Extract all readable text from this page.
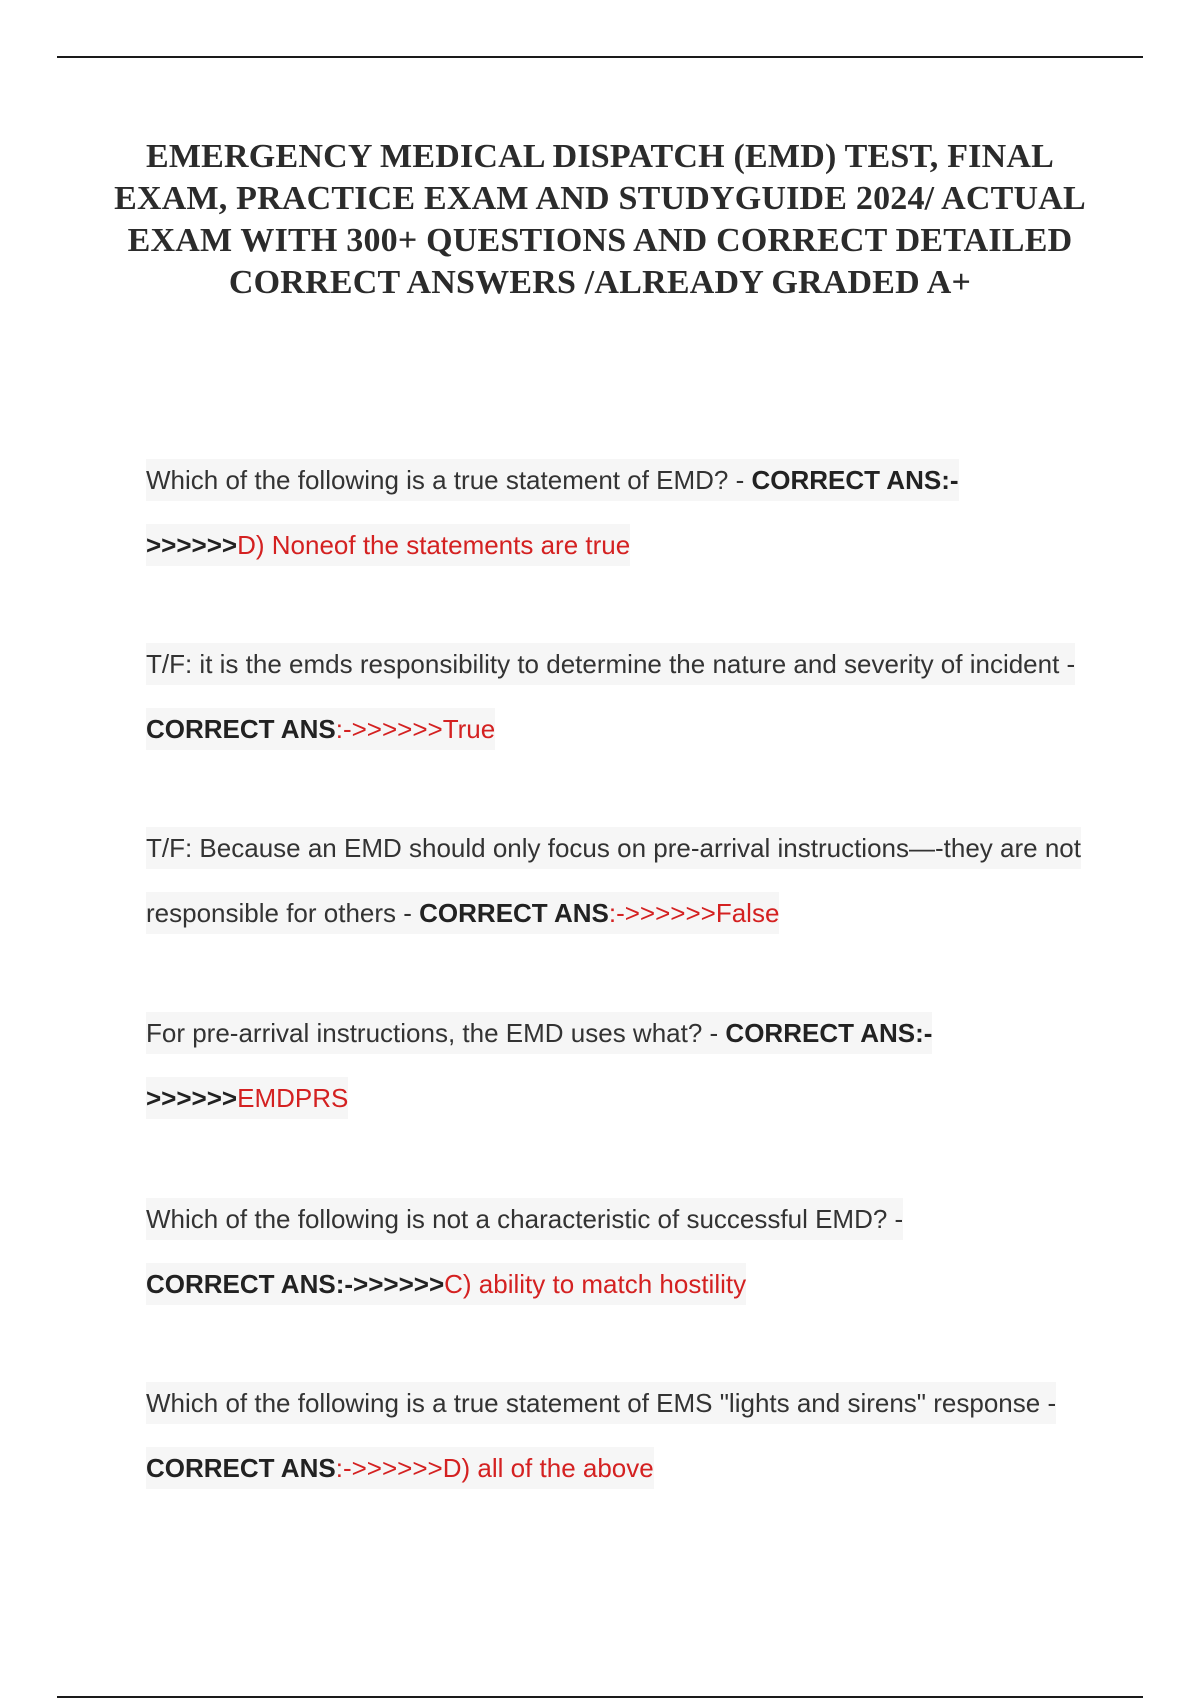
EMERGENCY MEDICAL DISPATCH (EMD) TEST, FINAL EXAM, PRACTICE EXAM AND STUDYGUIDE 2024/ ACTUAL EXAM WITH 300+ QUESTIONS AND CORRECT DETAILED CORRECT ANSWERS /ALREADY GRADED A+

Which of the following is a true statement of EMD? - CORRECT ANS:-
>>>>>>D) Noneof the statements are true

T/F: it is the emds responsibility to determine the nature and severity of incident - CORRECT ANS:->>>>>>True

T/F: Because an EMD should only focus on pre-arrival instructions—-they are not responsible for others - CORRECT ANS:->>>>>>False

For pre-arrival instructions, the EMD uses what? - CORRECT ANS:-
>>>>>>EMDPRS

Which of the following is not a characteristic of successful EMD? -
CORRECT ANS:->>>>>>C) ability to match hostility

Which of the following is a true statement of EMS "lights and sirens" response - CORRECT ANS:->>>>>>D) all of the above
